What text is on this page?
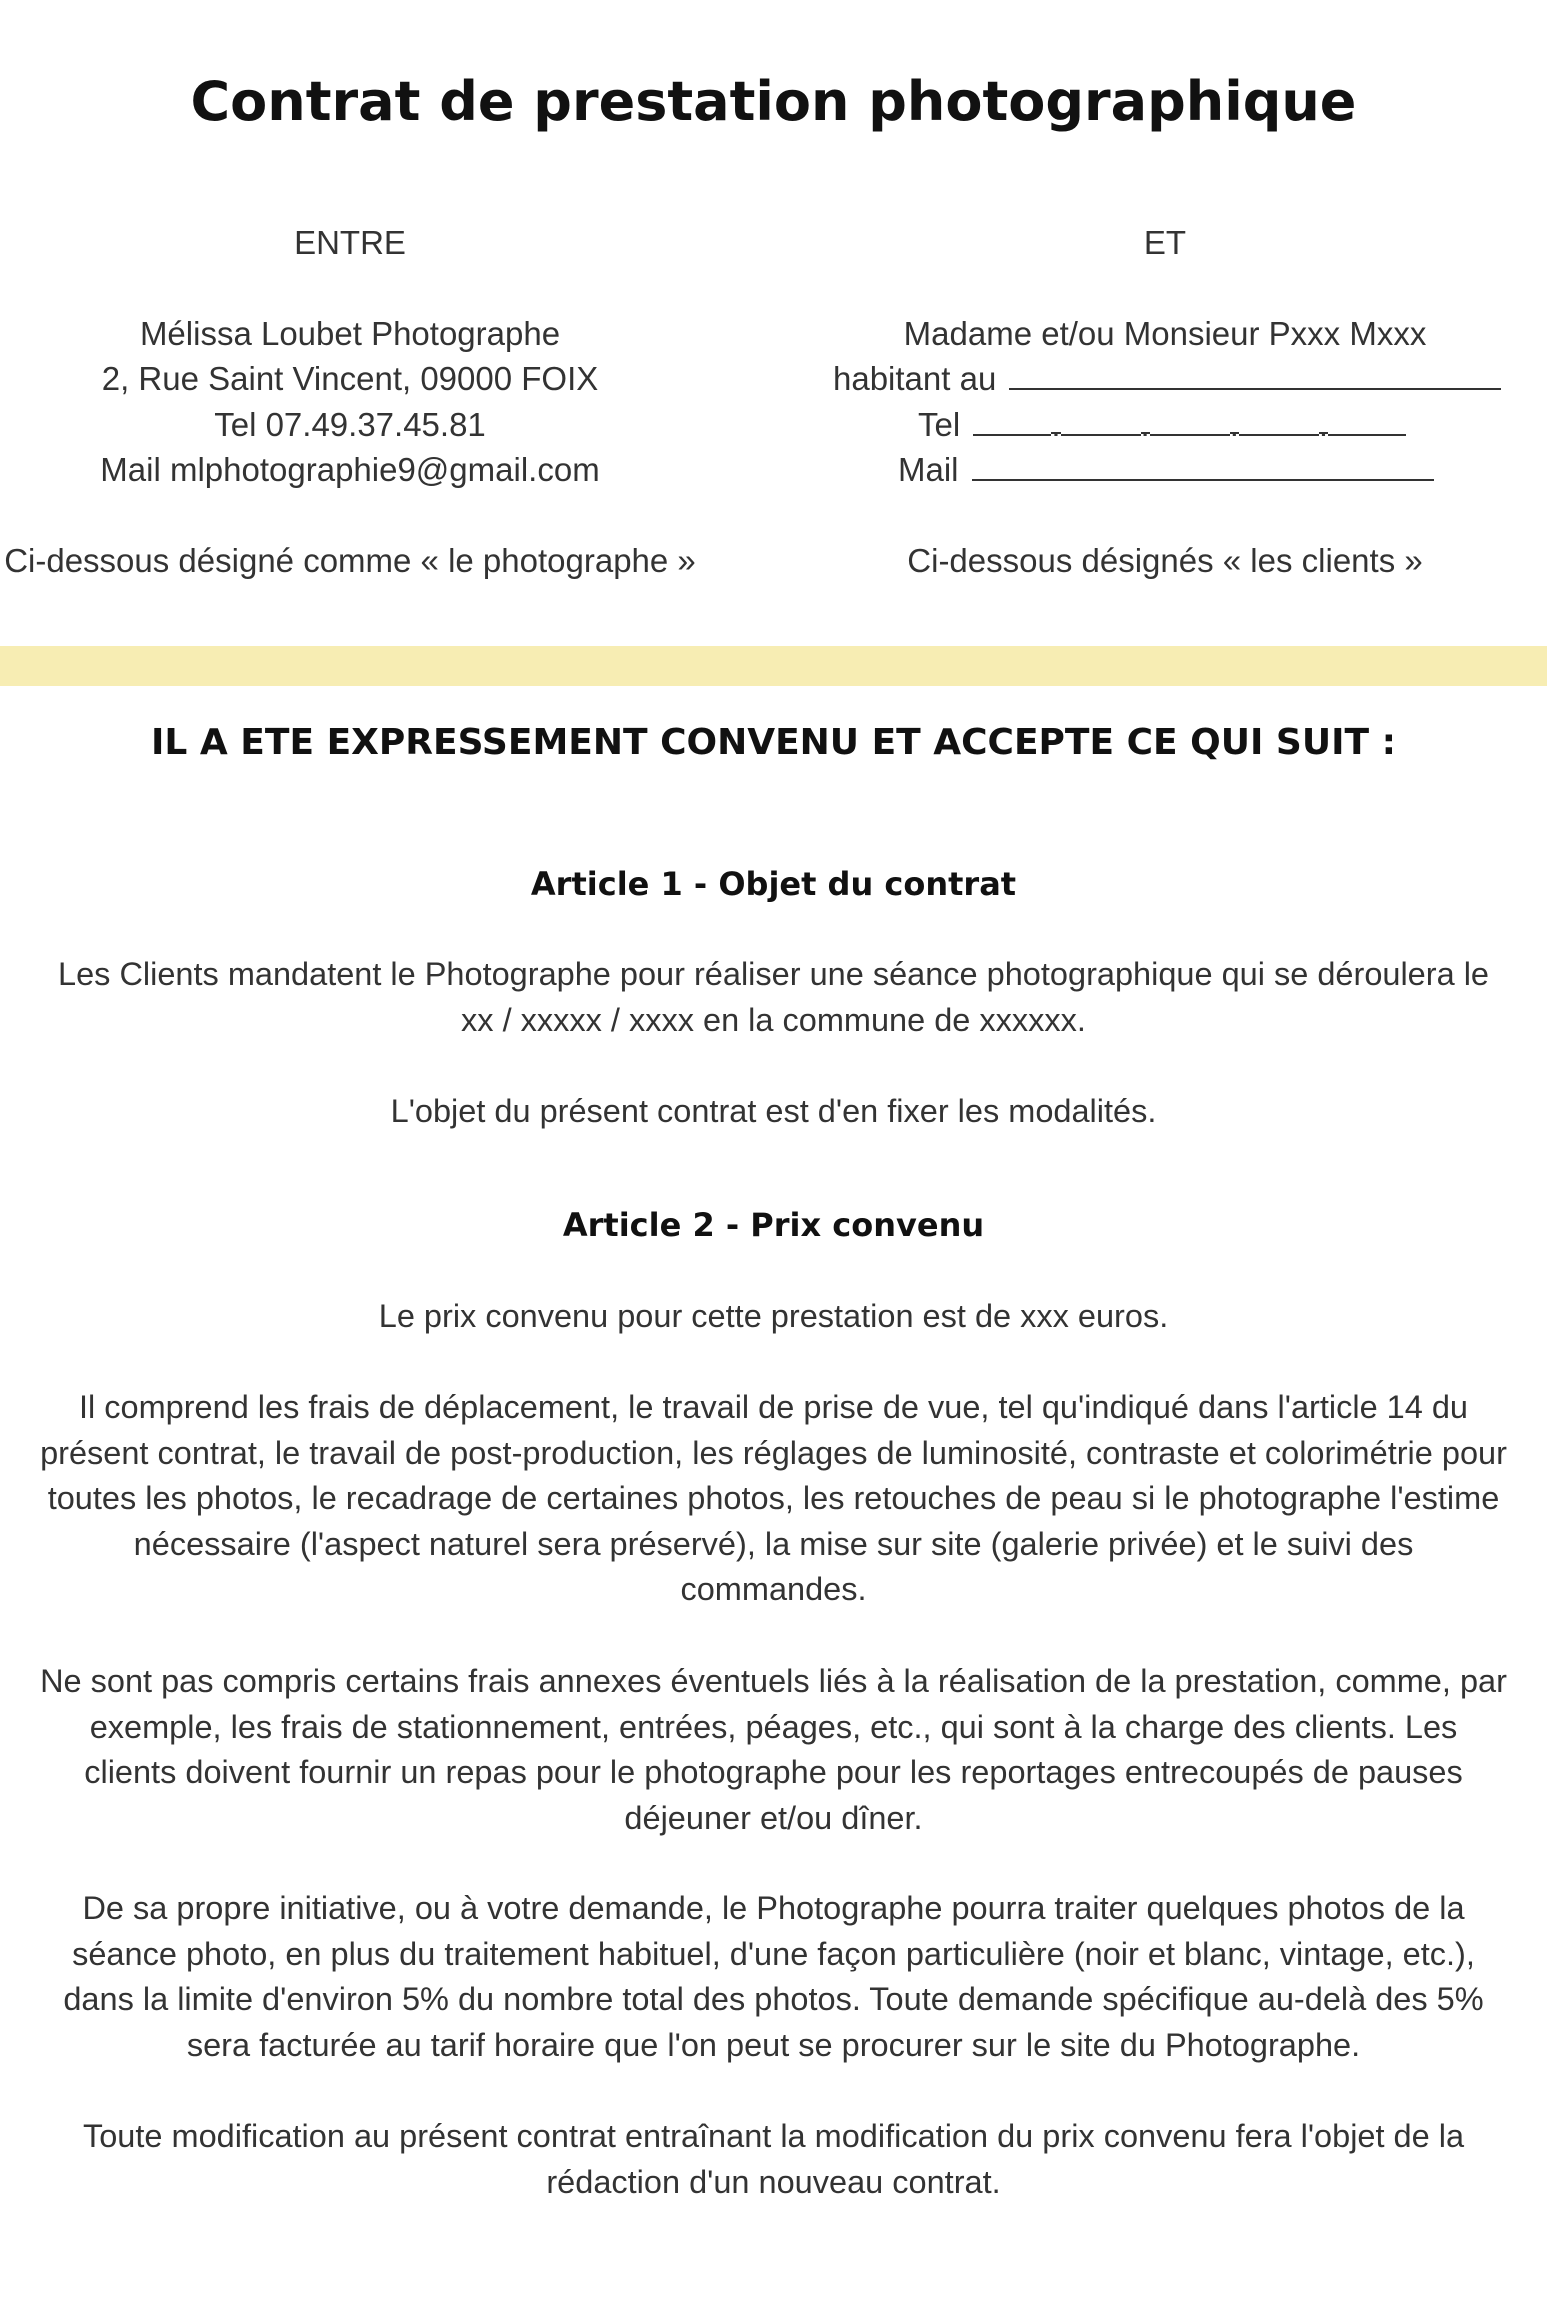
Contrat de prestation photographique
ENTRE
Mélissa Loubet Photographe
2, Rue Saint Vincent, 09000 FOIX
Tel 07.49.37.45.81
Mail mlphotographie9@gmail.com
Ci-dessous désigné comme « le photographe »
ET
Madame et/ou Monsieur Pxxx Mxxx
habitant au
Tel	. . . .
Mail
Ci-dessous désignés « les clients »
IL A ETE EXPRESSEMENT CONVENU ET ACCEPTE CE QUI SUIT :
Article 1 - Objet du contrat
Les Clients mandatent le Photographe pour réaliser une séance photographique qui se déroulera le xx / xxxxx / xxxx en la commune de xxxxxx.
L'objet du présent contrat est d'en fixer les modalités.
Article 2 - Prix convenu
Le prix convenu pour cette prestation est de xxx euros.
Il comprend les frais de déplacement, le travail de prise de vue, tel qu'indiqué dans l'article 14 du présent contrat, le travail de post-production, les réglages de luminosité, contraste et colorimétrie pour toutes les photos, le recadrage de certaines photos, les retouches de peau si le photographe l'estime nécessaire (l'aspect naturel sera préservé), la mise sur site (galerie privée) et le suivi des commandes.
Ne sont pas compris certains frais annexes éventuels liés à la réalisation de la prestation, comme, par exemple, les frais de stationnement, entrées, péages, etc., qui sont à la charge des clients. Les clients doivent fournir un repas pour le photographe pour les reportages entrecoupés de pauses déjeuner et/ou dîner.
De sa propre initiative, ou à votre demande, le Photographe pourra traiter quelques photos de la séance photo, en plus du traitement habituel, d'une façon particulière (noir et blanc, vintage, etc.), dans la limite d'environ 5% du nombre total des photos. Toute demande spécifique au-delà des 5% sera facturée au tarif horaire que l'on peut se procurer sur le site du Photographe.
Toute modification au présent contrat entraînant la modification du prix convenu fera l'objet de la rédaction d'un nouveau contrat.
